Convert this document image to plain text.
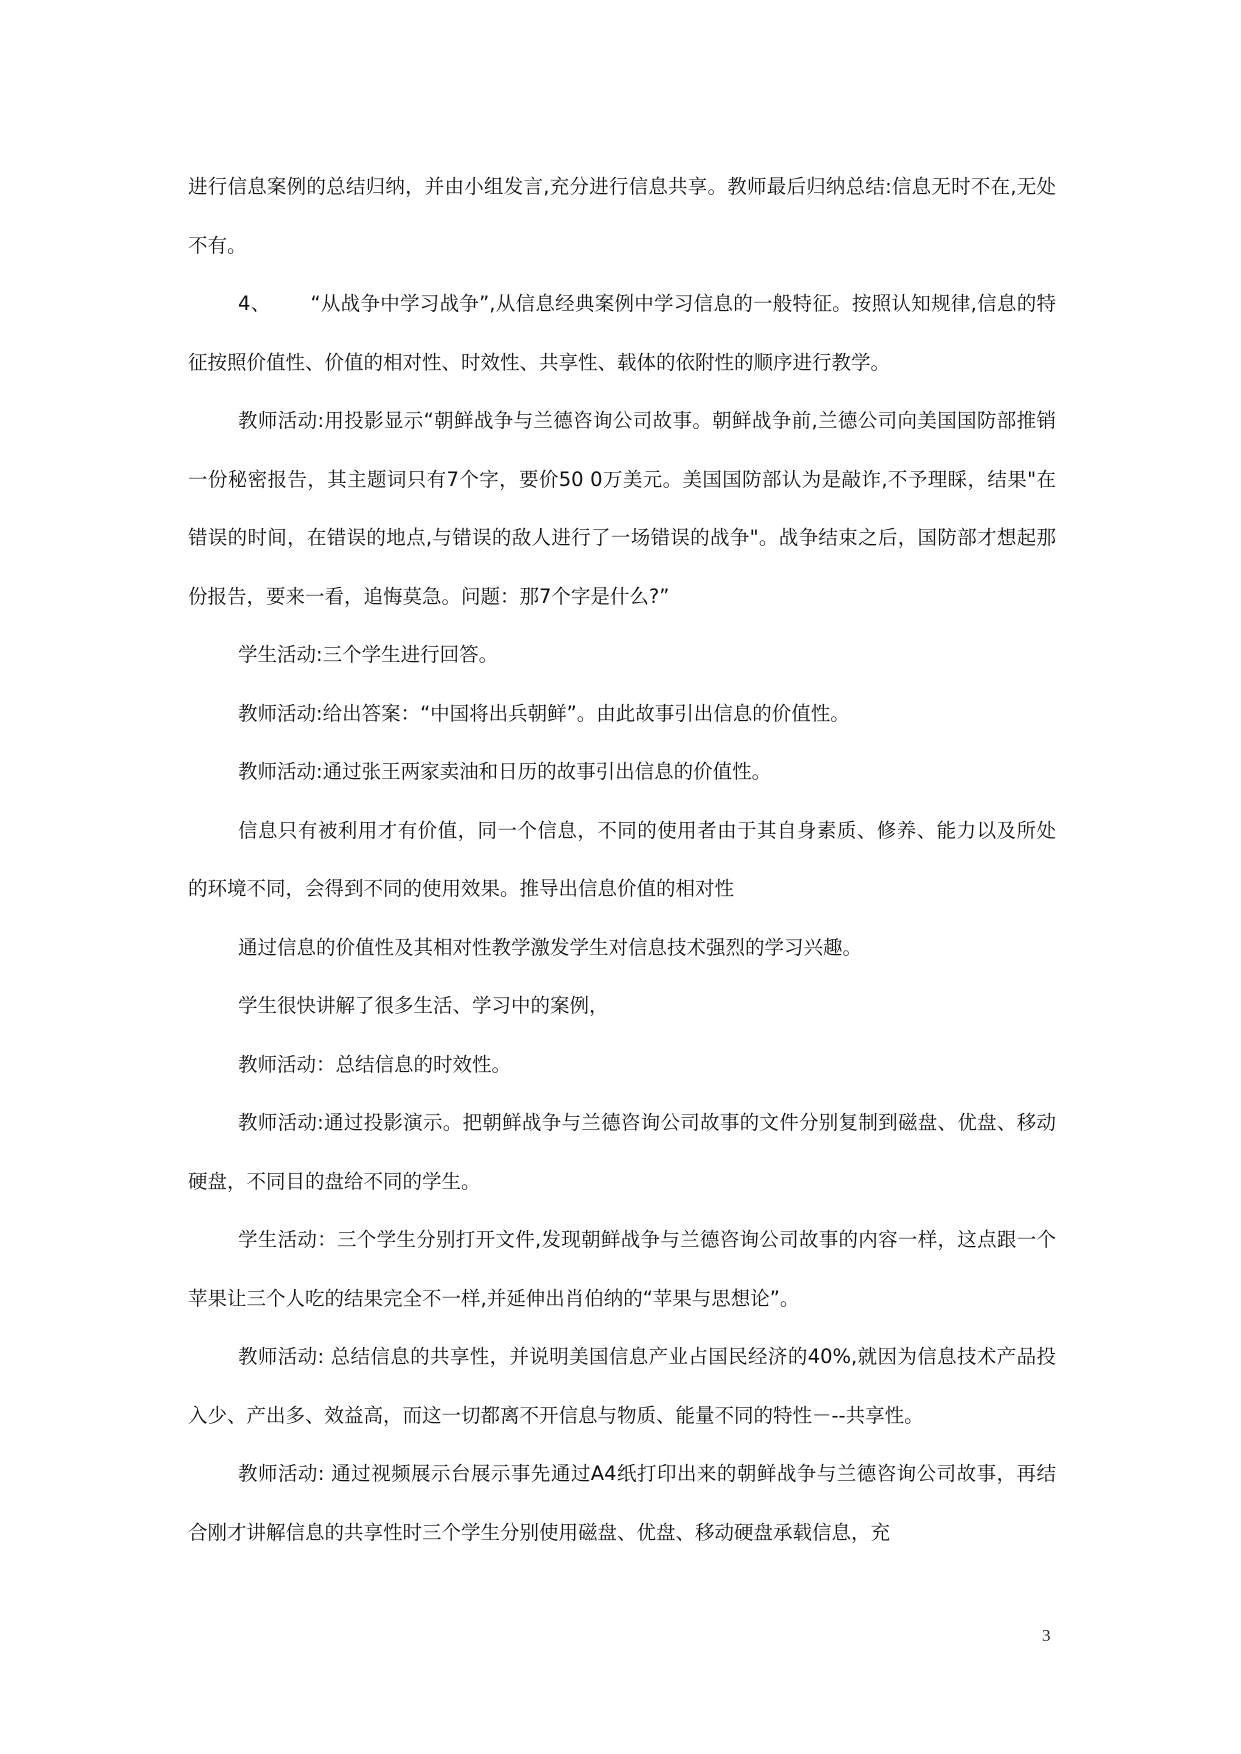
进行信息案例的总结归纳，并由小组发言,充分进行信息共享。教师最后归纳总结:信息无时不在,无处不有。

4、 “从战争中学习战争”,从信息经典案例中学习信息的一般特征。按照认知规律,信息的特征按照价值性、价值的相对性、时效性、共享性、载体的依附性的顺序进行教学。

教师活动:用投影显示“朝鲜战争与兰德咨询公司故事。朝鲜战争前,兰德公司向美国国防部推销一份秘密报告，其主题词只有7个字，要价50 0万美元。美国国防部认为是敲诈,不予理睬，结果"在错误的时间，在错误的地点,与错误的敌人进行了一场错误的战争"。战争结束之后，国防部才想起那份报告，要来一看，追悔莫急。问题：那7个字是什么?”

学生活动:三个学生进行回答。

教师活动:给出答案：“中国将出兵朝鲜”。由此故事引出信息的价值性。

教师活动:通过张王两家卖油和日历的故事引出信息的价值性。

信息只有被利用才有价值，同一个信息，不同的使用者由于其自身素质、修养、能力以及所处的环境不同，会得到不同的使用效果。推导出信息价值的相对性

通过信息的价值性及其相对性教学激发学生对信息技术强烈的学习兴趣。

学生很快讲解了很多生活、学习中的案例，

教师活动：总结信息的时效性。

教师活动:通过投影演示。把朝鲜战争与兰德咨询公司故事的文件分别复制到磁盘、优盘、移动硬盘，不同目的盘给不同的学生。

学生活动：三个学生分别打开文件,发现朝鲜战争与兰德咨询公司故事的内容一样，这点跟一个苹果让三个人吃的结果完全不一样,并延伸出肖伯纳的“苹果与思想论”。

教师活动: 总结信息的共享性，并说明美国信息产业占国民经济的40%,就因为信息技术产品投入少、产出多、效益高，而这一切都离不开信息与物质、能量不同的特性－--共享性。

教师活动: 通过视频展示台展示事先通过A4纸打印出来的朝鲜战争与兰德咨询公司故事，再结合刚才讲解信息的共享性时三个学生分别使用磁盘、优盘、移动硬盘承载信息，充

3
